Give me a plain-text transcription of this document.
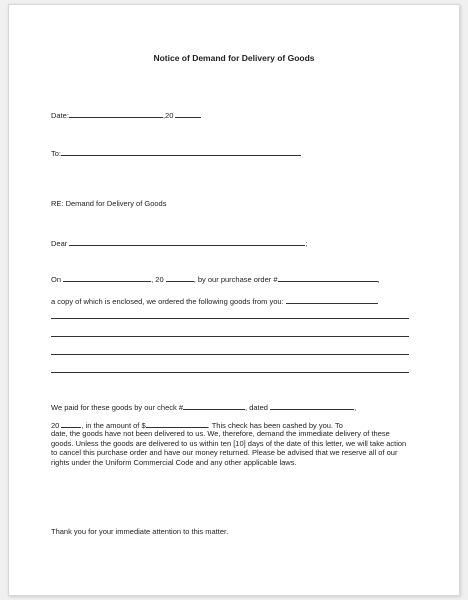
Notice of Demand for Delivery of Goods
Date:	,20
To:
RE: Demand for Delivery of Goods
Dear	;
On	, 20	, by our purchase order #	,
a copy of which is enclosed, we ordered the following goods from you:
We paid for these goods by our check #	, dated	,
20	, in the amount of $	. This check has been cashed by you. To
date, the goods have not been delivered to us. We, therefore, demand the immediate delivery of these goods. Unless the goods are delivered to us within ten [10] days of the date of this letter, we will take action to cancel this purchase order and have our money returned. Please be advised that we reserve all of our rights under the Uniform Commercial Code and any other applicable laws.
Thank you for your immediate attention to this matter.
